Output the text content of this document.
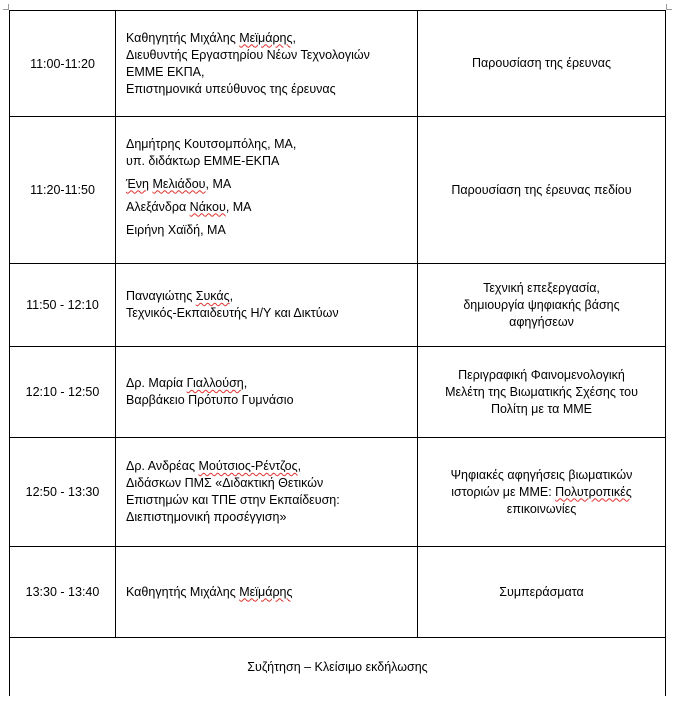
11:00-11:20	Καθηγητής Μιχάλης Μεϊμάρης,
Διευθυντής Εργαστηρίου Νέων Τεχνολογιών
ΕΜΜΕ ΕΚΠΑ,
Επιστημονικά υπεύθυνος της έρευνας	Παρουσίαση της έρευνας

11:20-11:50	Δημήτρης Κουτσομπόλης, ΜΑ,
υπ. διδάκτωρ ΕΜΜΕ-ΕΚΠΑ
Ένη Μελιάδου, ΜΑ
Αλεξάνδρα Νάκου, ΜΑ
Ειρήνη Χαϊδή, ΜΑ	Παρουσίαση της έρευνας πεδίου

11:50 - 12:10	Παναγιώτης Συκάς,
Τεχνικός-Εκπαιδευτής Η/Υ και Δικτύων	Τεχνική επεξεργασία,
δημιουργία ψηφιακής βάσης
αφηγήσεων

12:10 - 12:50	Δρ. Μαρία Γιαλλούση,
Βαρβάκειο Πρότυπο Γυμνάσιο	Περιγραφική Φαινομενολογική
Μελέτη της Βιωματικής Σχέσης του
Πολίτη με τα ΜΜΕ

12:50 - 13:30	Δρ. Ανδρέας Μούτσιος-Ρέντζος,
Διδάσκων ΠΜΣ «Διδακτική Θετικών
Επιστημών και ΤΠΕ στην Εκπαίδευση:
Διεπιστημονική προσέγγιση»	Ψηφιακές αφηγήσεις βιωματικών
ιστοριών με ΜΜΕ: Πολυτροπικές
επικοινωνίες

13:30 - 13:40	Καθηγητής Μιχάλης Μεϊμάρης	Συμπεράσματα

Συζήτηση – Κλείσιμο εκδήλωσης		
